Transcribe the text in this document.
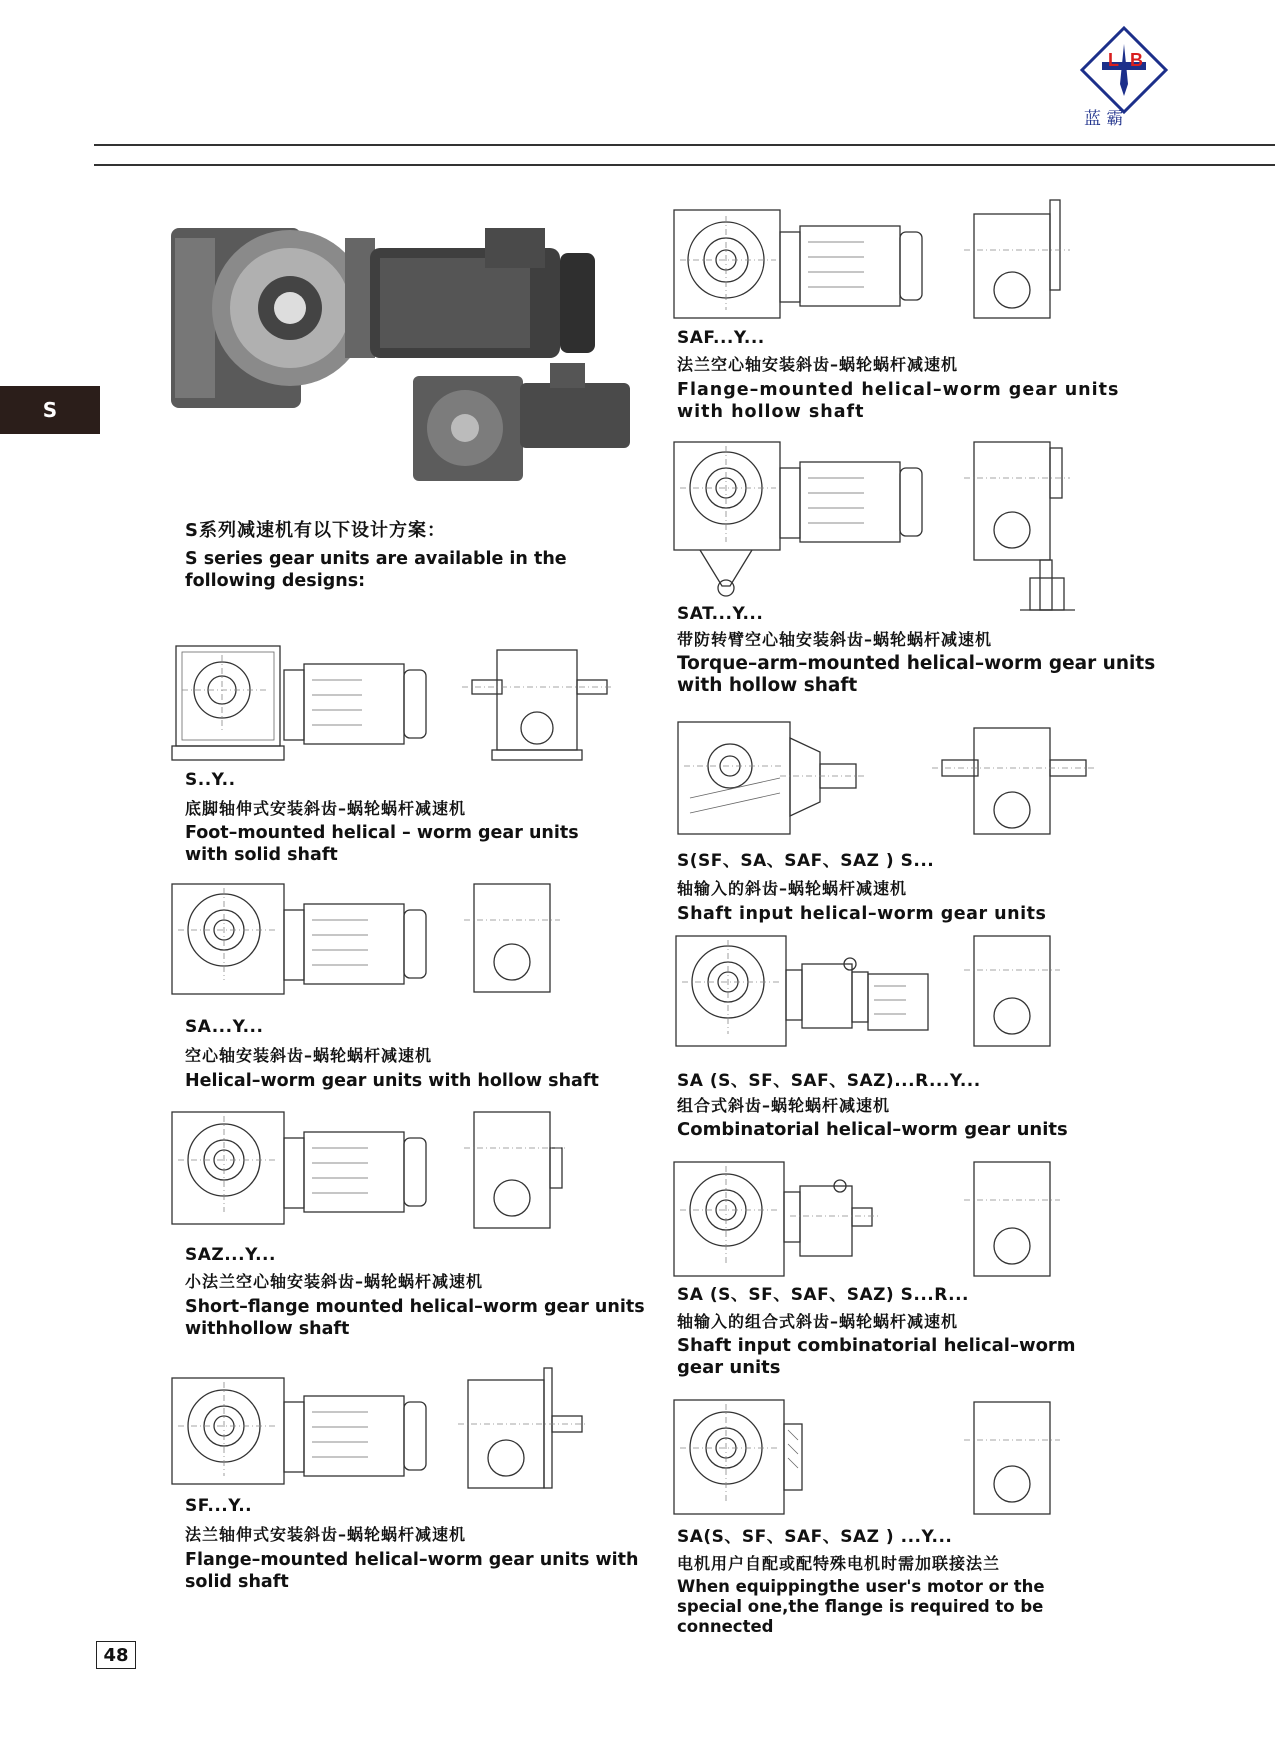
L B
蓝 霸
S
S系列减速机有以下设计方案：
S series gear units are available in the
following designs:
S..Y..
底脚轴伸式安装斜齿–蜗轮蜗杆减速机
Foot–mounted helical – worm gear units
with solid shaft
SA...Y...
空心轴安装斜齿–蜗轮蜗杆减速机
Helical–worm gear units with hollow shaft
SAZ...Y...
小法兰空心轴安装斜齿–蜗轮蜗杆减速机
Short–flange mounted helical–worm gear units
withhollow shaft
SF...Y..
法兰轴伸式安装斜齿–蜗轮蜗杆减速机
Flange–mounted helical–worm gear units with
solid shaft
SAF...Y...
法兰空心轴安装斜齿–蜗轮蜗杆减速机
Flange–mounted helical–worm gear units
with hollow shaft
SAT...Y...
带防转臂空心轴安装斜齿–蜗轮蜗杆减速机
Torque–arm–mounted helical–worm gear units
with hollow shaft
S(SF、SA、SAF、SAZ ) S...
轴输入的斜齿–蜗轮蜗杆减速机
Shaft input helical–worm gear units
SA (S、SF、SAF、SAZ)...R...Y...
组合式斜齿–蜗轮蜗杆减速机
Combinatorial helical–worm gear units
SA (S、SF、SAF、SAZ) S...R...
轴输入的组合式斜齿–蜗轮蜗杆减速机
Shaft input combinatorial helical–worm
gear units
SA(S、SF、SAF、SAZ ) ...Y...
电机用户自配或配特殊电机时需加联接法兰
When equippingthe user's motor or the
special one,the flange is required to be
connected
48
